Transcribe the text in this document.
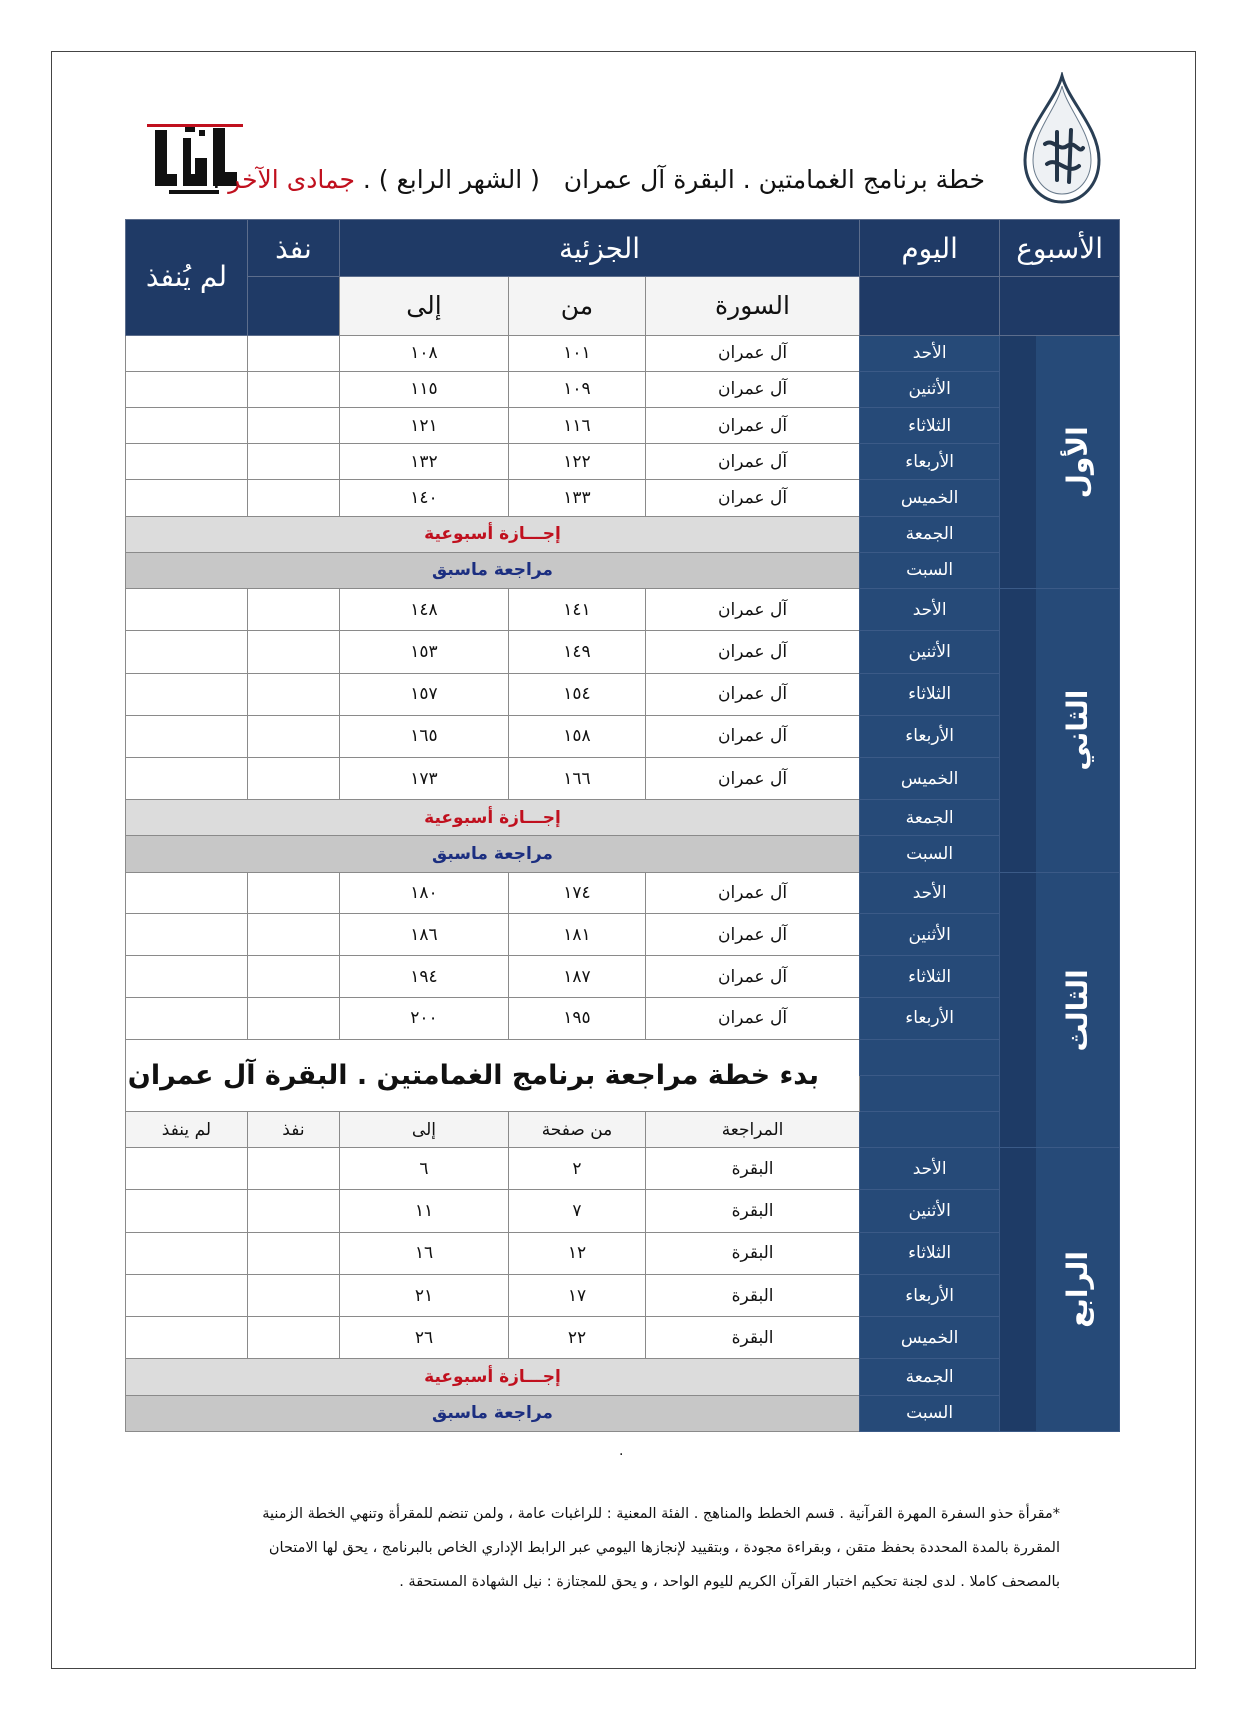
خطة برنامج الغمامتين . البقرة آل عمران   ( الشهر الرابع ) . جمادى الآخر .
الأسبوع	اليوم	الجزئية			نفذ	لم يُنفذ
		السورة	من	إلى		

الأول	الأحد	آل عمران	١٠١	١٠٨		
	الأثنين	آل عمران	١٠٩	١١٥		
	الثلاثاء	آل عمران	١١٦	١٢١		
	الأربعاء	آل عمران	١٢٢	١٣٢		
	الخميس	آل عمران	١٣٣	١٤٠		
	الجمعة	إجـــازة أسبوعية				
	السبت	مراجعة ماسبق				

الثاني	الأحد	آل عمران	١٤١	١٤٨		
	الأثنين	آل عمران	١٤٩	١٥٣		
	الثلاثاء	آل عمران	١٥٤	١٥٧		
	الأربعاء	آل عمران	١٥٨	١٦٥		
	الخميس	آل عمران	١٦٦	١٧٣		
	الجمعة	إجـــازة أسبوعية				
	السبت	مراجعة ماسبق				

الثالث	الأحد	آل عمران	١٧٤	١٨٠		
	الأثنين	آل عمران	١٨١	١٨٦		
	الثلاثاء	آل عمران	١٨٧	١٩٤		
	الأربعاء	آل عمران	١٩٥	٢٠٠		
		بدء خطة مراجعة برنامج الغمامتين . البقرة آل عمران				

		المراجعة	من صفحة	إلى	نفذ	لم ينفذ

الرابع	الأحد	البقرة	٢	٦		
	الأثنين	البقرة	٧	١١		
	الثلاثاء	البقرة	١٢	١٦		
	الأربعاء	البقرة	١٧	٢١		
	الخميس	البقرة	٢٢	٢٦		
	الجمعة	إجـــازة أسبوعية				
	السبت	مراجعة ماسبق				
.

*مقرأة حذو السفرة المهرة القرآنية . قسم الخطط والمناهج . الفئة المعنية : للراغبات عامة ، ولمن تنضم للمقرأة وتنهي الخطة الزمنية

المقررة بالمدة المحددة بحفظ متقن ، وبقراءة مجودة ، وبتقييد لإنجازها اليومي عبر الرابط الإداري الخاص بالبرنامج ، يحق لها الامتحان

بالمصحف كاملا . لدى لجنة تحكيم اختبار القرآن الكريم لليوم الواحد ، و يحق للمجتازة : نيل الشهادة المستحقة .
